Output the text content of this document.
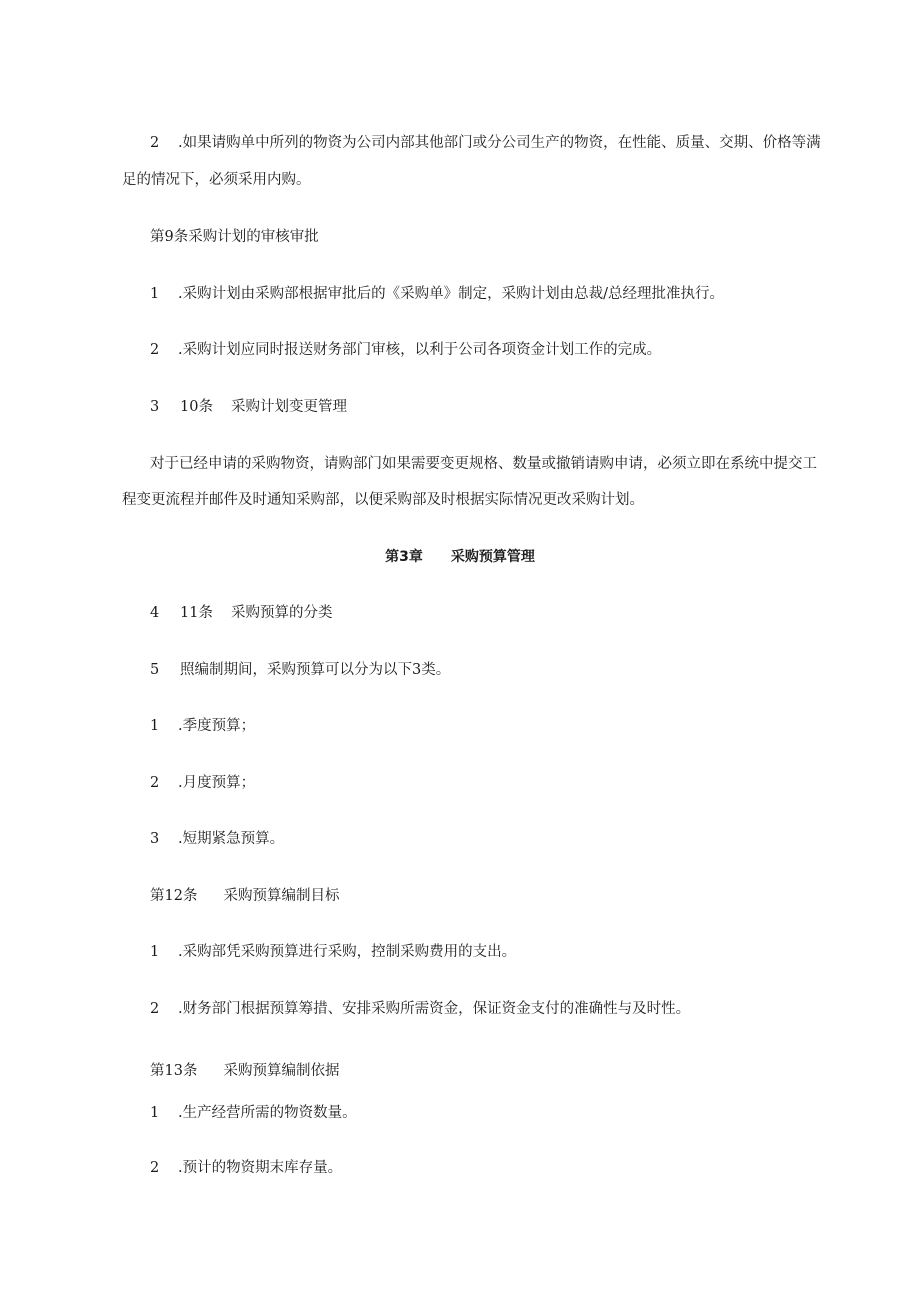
2 .如果请购单中所列的物资为公司内部其他部门或分公司生产的物资，在性能、质量、交期、价格等满
足的情况下，必须采用内购。
第9条采购计划的审核审批
1 .采购计划由采购部根据审批后的《采购单》制定，采购计划由总裁/总经理批准执行。
2 .采购计划应同时报送财务部门审核，以利于公司各项资金计划工作的完成。
3 10条 采购计划变更管理
对于已经申请的采购物资，请购部门如果需要变更规格、数量或撤销请购申请，必须立即在系统中提交工
程变更流程并邮件及时通知采购部，以便采购部及时根据实际情况更改采购计划。
第3章 采购预算管理
4 11条 采购预算的分类
5 照编制期间，采购预算可以分为以下3类。
1 .季度预算；
2 .月度预算；
3 .短期紧急预算。
第12条 采购预算编制目标
1 .采购部凭采购预算进行采购，控制采购费用的支出。
2 .财务部门根据预算筹措、安排采购所需资金，保证资金支付的准确性与及时性。
第13条 采购预算编制依据
1 .生产经营所需的物资数量。
2 .预计的物资期末库存量。
